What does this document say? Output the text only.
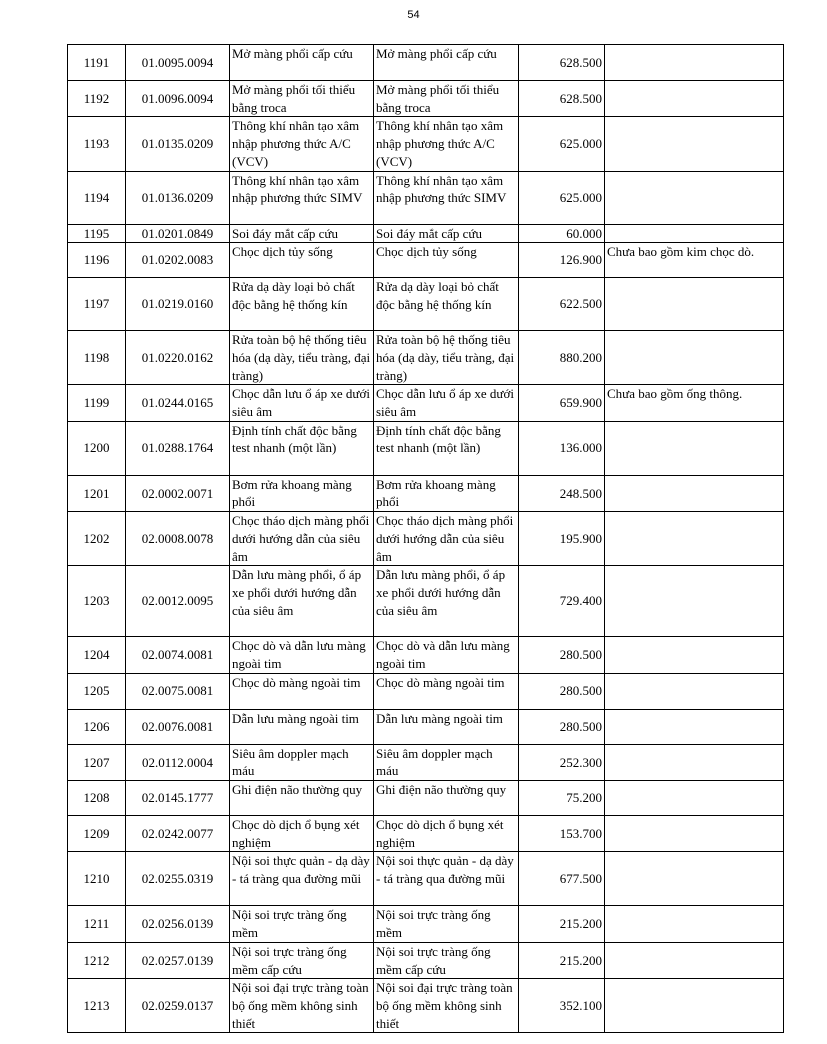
54
1191	01.0095.0094	Mở màng phổi cấp cứu	Mở màng phổi cấp cứu	628.500	
1192	01.0096.0094	Mở màng phổi tối thiểu bằng troca	Mở màng phổi tối thiểu bằng troca	628.500	
1193	01.0135.0209	Thông khí nhân tạo xâm nhập phương thức A/C (VCV)	Thông khí nhân tạo xâm nhập phương thức A/C (VCV)	625.000	
1194	01.0136.0209	Thông khí nhân tạo xâm nhập phương thức SIMV	Thông khí nhân tạo xâm nhập phương thức SIMV	625.000	
1195	01.0201.0849	Soi đáy mắt cấp cứu	Soi đáy mắt cấp cứu	60.000	
1196	01.0202.0083	Chọc dịch tủy sống	Chọc dịch tủy sống	126.900	Chưa bao gồm kim chọc dò.
1197	01.0219.0160	Rửa dạ dày loại bỏ chất độc bằng hệ thống kín	Rửa dạ dày loại bỏ chất độc bằng hệ thống kín	622.500	
1198	01.0220.0162	Rửa toàn bộ hệ thống tiêu hóa (dạ dày, tiểu tràng, đại tràng)	Rửa toàn bộ hệ thống tiêu hóa (dạ dày, tiểu tràng, đại tràng)	880.200	
1199	01.0244.0165	Chọc dẫn lưu ổ áp xe dưới siêu âm	Chọc dẫn lưu ổ áp xe dưới siêu âm	659.900	Chưa bao gồm ống thông.
1200	01.0288.1764	Định tính chất độc bằng test nhanh (một lần)	Định tính chất độc bằng test nhanh (một lần)	136.000	
1201	02.0002.0071	Bơm rửa khoang màng phổi	Bơm rửa khoang màng phổi	248.500	
1202	02.0008.0078	Chọc tháo dịch màng phổi dưới hướng dẫn của siêu âm	Chọc tháo dịch màng phổi dưới hướng dẫn của siêu âm	195.900	
1203	02.0012.0095	Dẫn lưu màng phổi, ổ áp xe phổi dưới hướng dẫn của siêu âm	Dẫn lưu màng phổi, ổ áp xe phổi dưới hướng dẫn của siêu âm	729.400	
1204	02.0074.0081	Chọc dò và dẫn lưu màng ngoài tim	Chọc dò và dẫn lưu màng ngoài tim	280.500	
1205	02.0075.0081	Chọc dò màng ngoài tim	Chọc dò màng ngoài tim	280.500	
1206	02.0076.0081	Dẫn lưu màng ngoài tim	Dẫn lưu màng ngoài tim	280.500	
1207	02.0112.0004	Siêu âm doppler mạch máu	Siêu âm doppler mạch máu	252.300	
1208	02.0145.1777	Ghi điện não thường quy	Ghi điện não thường quy	75.200	
1209	02.0242.0077	Chọc dò dịch ổ bụng xét nghiệm	Chọc dò dịch ổ bụng xét nghiệm	153.700	
1210	02.0255.0319	Nội soi thực quản - dạ dày - tá tràng qua đường mũi	Nội soi thực quản - dạ dày - tá tràng qua đường mũi	677.500	
1211	02.0256.0139	Nội soi trực tràng ống mềm	Nội soi trực tràng ống mềm	215.200	
1212	02.0257.0139	Nội soi trực tràng ống mềm cấp cứu	Nội soi trực tràng ống mềm cấp cứu	215.200	
1213	02.0259.0137	Nội soi đại trực tràng toàn bộ ống mềm không sinh thiết	Nội soi đại trực tràng toàn bộ ống mềm không sinh thiết	352.100	
